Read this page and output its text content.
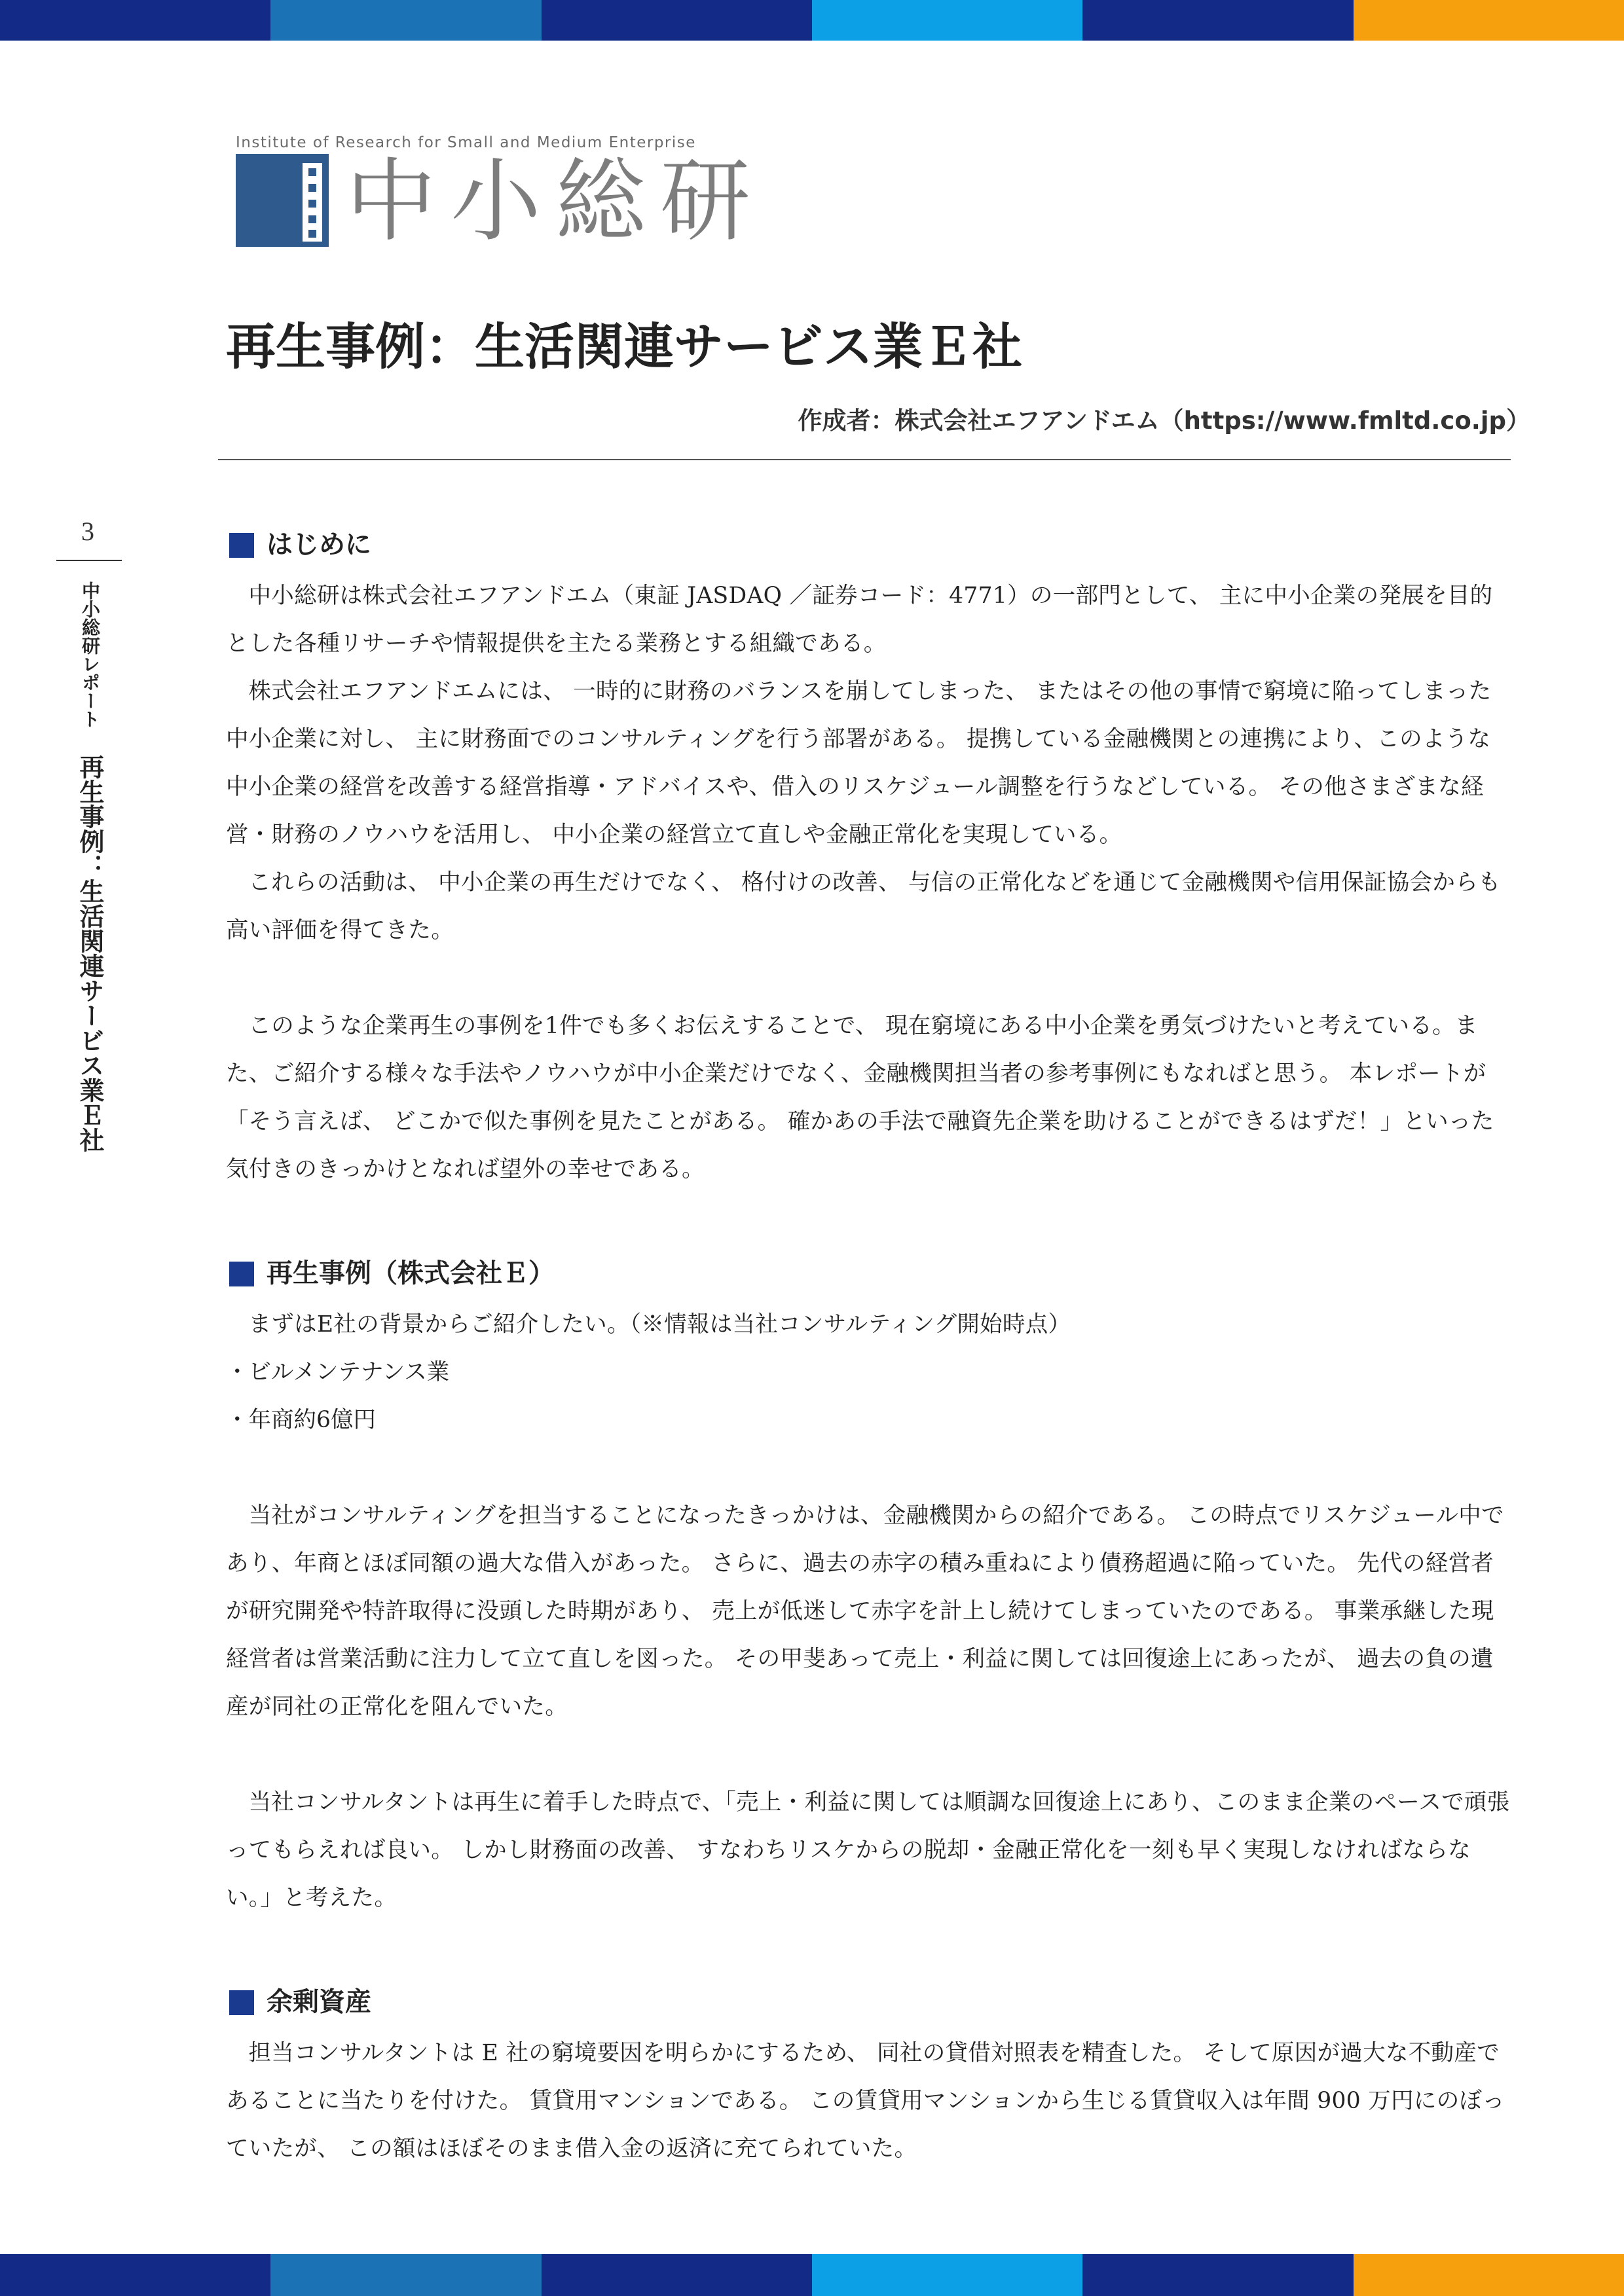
Institute of Research for Small and Medium Enterprise
中小総研
再生事例：生活関連サービス業Ｅ社
作成者：株式会社エフアンドエム（https://www.fmltd.co.jp）
3
中小総研レポート再生事例：生活関連サービス業Ｅ社
はじめに

中小総研は株式会社エフアンドエム（東証 JASDAQ ／証券コード：4771）の一部門として、 主に中小企業の発展を目的とした各種リサーチや情報提供を主たる業務とする組織である。

株式会社エフアンドエムには、 一時的に財務のバランスを崩してしまった、 またはその他の事情で窮境に陥ってしまった中小企業に対し、 主に財務面でのコンサルティングを行う部署がある。 提携している金融機関との連携により、このような中小企業の経営を改善する経営指導・アドバイスや、借入のリスケジュール調整を行うなどしている。 その他さまざまな経営・財務のノウハウを活用し、 中小企業の経営立て直しや金融正常化を実現している。

これらの活動は、 中小企業の再生だけでなく、 格付けの改善、 与信の正常化などを通じて金融機関や信用保証協会からも高い評価を得てきた。

このような企業再生の事例を1件でも多くお伝えすることで、 現在窮境にある中小企業を勇気づけたいと考えている。また、ご紹介する様々な手法やノウハウが中小企業だけでなく、金融機関担当者の参考事例にもなればと思う。 本レポートが「そう言えば、 どこかで似た事例を見たことがある。 確かあの手法で融資先企業を助けることができるはずだ！」といった気付きのきっかけとなれば望外の幸せである。

再生事例（株式会社Ｅ）

まずはE社の背景からご紹介したい。（※情報は当社コンサルティング開始時点）

・ビルメンテナンス業

・年商約6億円

当社がコンサルティングを担当することになったきっかけは、金融機関からの紹介である。 この時点でリスケジュール中であり、年商とほぼ同額の過大な借入があった。 さらに、過去の赤字の積み重ねにより債務超過に陥っていた。 先代の経営者が研究開発や特許取得に没頭した時期があり、 売上が低迷して赤字を計上し続けてしまっていたのである。 事業承継した現経営者は営業活動に注力して立て直しを図った。 その甲斐あって売上・利益に関しては回復途上にあったが、 過去の負の遺産が同社の正常化を阻んでいた。

当社コンサルタントは再生に着手した時点で、「売上・利益に関しては順調な回復途上にあり、このまま企業のペースで頑張ってもらえれば良い。 しかし財務面の改善、 すなわちリスケからの脱却・金融正常化を一刻も早く実現しなければならない。」と考えた。

余剰資産

担当コンサルタントは E 社の窮境要因を明らかにするため、 同社の貸借対照表を精査した。 そして原因が過大な不動産であることに当たりを付けた。 賃貸用マンションである。 この賃貸用マンションから生じる賃貸収入は年間 900 万円にのぼっていたが、 この額はほぼそのまま借入金の返済に充てられていた。
